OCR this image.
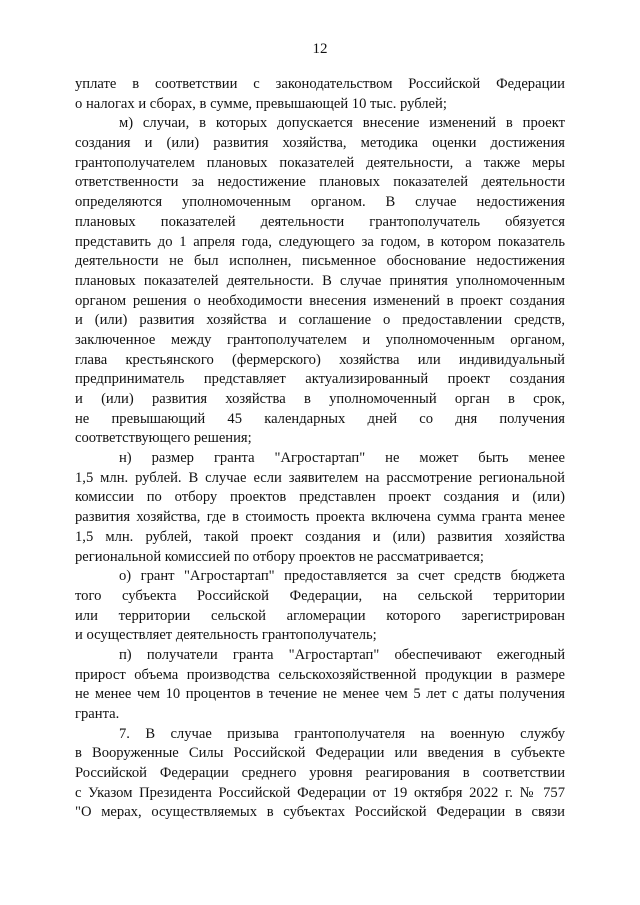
12
уплате в соответствии с законодательством Российской Федерации
о налогах и сборах, в сумме, превышающей 10 тыс. рублей;
м) случаи, в которых допускается внесение изменений в проект
создания и (или) развития хозяйства, методика оценки достижения
грантополучателем плановых показателей деятельности, а также меры
ответственности за недостижение плановых показателей деятельности
определяются уполномоченным органом. В случае недостижения
плановых показателей деятельности грантополучатель обязуется
представить до 1 апреля года, следующего за годом, в котором показатель
деятельности не был исполнен, письменное обоснование недостижения
плановых показателей деятельности. В случае принятия уполномоченным
органом решения о необходимости внесения изменений в проект создания
и (или) развития хозяйства и соглашение о предоставлении средств,
заключенное между грантополучателем и уполномоченным органом,
глава крестьянского (фермерского) хозяйства или индивидуальный
предприниматель представляет актуализированный проект создания
и (или) развития хозяйства в уполномоченный орган в срок,
не превышающий 45 календарных дней со дня получения
соответствующего решения;
н) размер гранта "Агростартап" не может быть менее
1,5 млн. рублей. В случае если заявителем на рассмотрение региональной
комиссии по отбору проектов представлен проект создания и (или)
развития хозяйства, где в стоимость проекта включена сумма гранта менее
1,5 млн. рублей, такой проект создания и (или) развития хозяйства
региональной комиссией по отбору проектов не рассматривается;
о) грант "Агростартап" предоставляется за счет средств бюджета
того субъекта Российской Федерации, на сельской территории
или территории сельской агломерации которого зарегистрирован
и осуществляет деятельность грантополучатель;
п) получатели гранта "Агростартап" обеспечивают ежегодный
прирост объема производства сельскохозяйственной продукции в размере
не менее чем 10 процентов в течение не менее чем 5 лет с даты получения
гранта.
7. В случае призыва грантополучателя на военную службу
в Вооруженные Силы Российской Федерации или введения в субъекте
Российской Федерации среднего уровня реагирования в соответствии
с Указом Президента Российской Федерации от 19 октября 2022 г. № 757
"О мерах, осуществляемых в субъектах Российской Федерации в связи
